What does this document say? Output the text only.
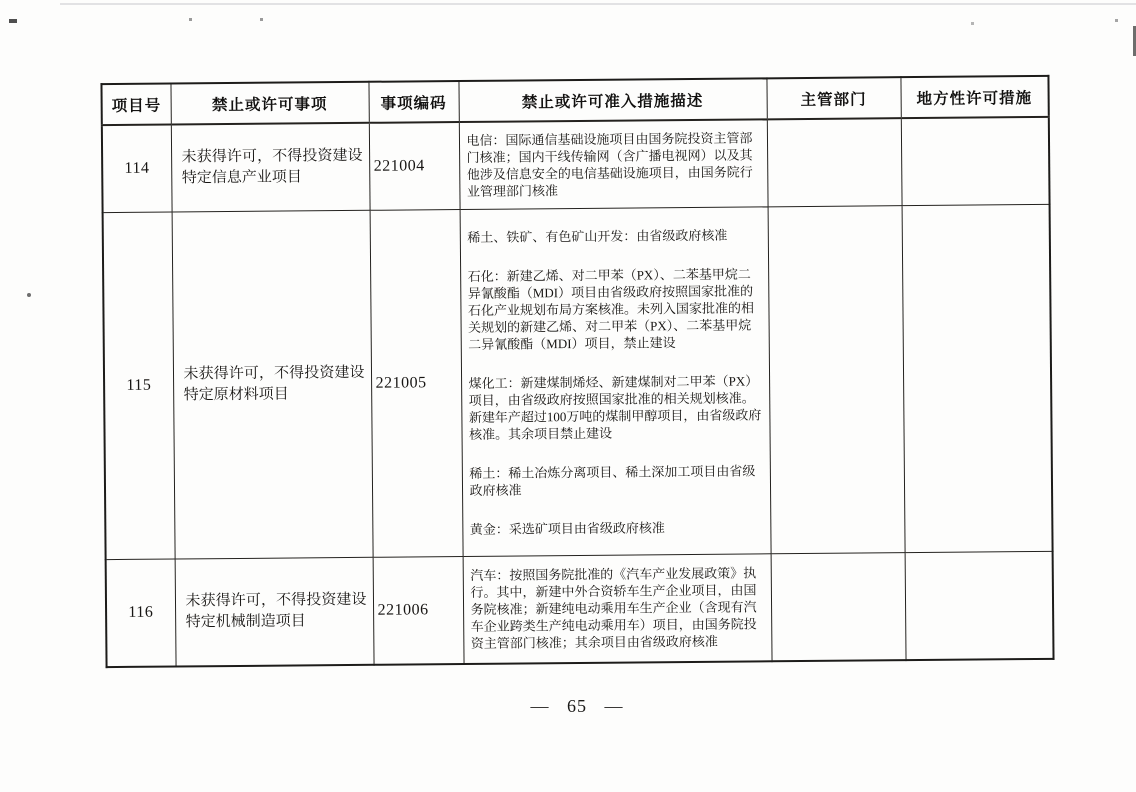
项目号	禁止或许可事项	事项编码	禁止或许可准入措施描述	主管部门	地方性许可措施
114	未获得许可，不得投资建设特定信息产业项目	221004	电信：国际通信基础设施项目由国务院投资主管部门核准；国内干线传输网（含广播电视网）以及其他涉及信息安全的电信基础设施项目，由国务院行业管理部门核准		

115	未获得许可，不得投资建设特定原材料项目	221005	稀土、铁矿、有色矿山开发：由省级政府核准
石化：新建乙烯、对二甲苯（PX）、二苯基甲烷二异氰酸酯（MDI）项目由省级政府按照国家批准的石化产业规划布局方案核准。未列入国家批准的相关规划的新建乙烯、对二甲苯（PX）、二苯基甲烷二异氰酸酯（MDI）项目，禁止建设
煤化工：新建煤制烯烃、新建煤制对二甲苯（PX）项目，由省级政府按照国家批准的相关规划核准。新建年产超过100万吨的煤制甲醇项目，由省级政府核准。其余项目禁止建设
稀土：稀土冶炼分离项目、稀土深加工项目由省级政府核准
黄金：采选矿项目由省级政府核准		

116	未获得许可，不得投资建设特定机械制造项目	221006	汽车：按照国务院批准的《汽车产业发展政策》执行。其中，新建中外合资轿车生产企业项目，由国务院核准；新建纯电动乘用车生产企业（含现有汽车企业跨类生产纯电动乘用车）项目，由国务院投资主管部门核准；其余项目由省级政府核准		

— 65 —
